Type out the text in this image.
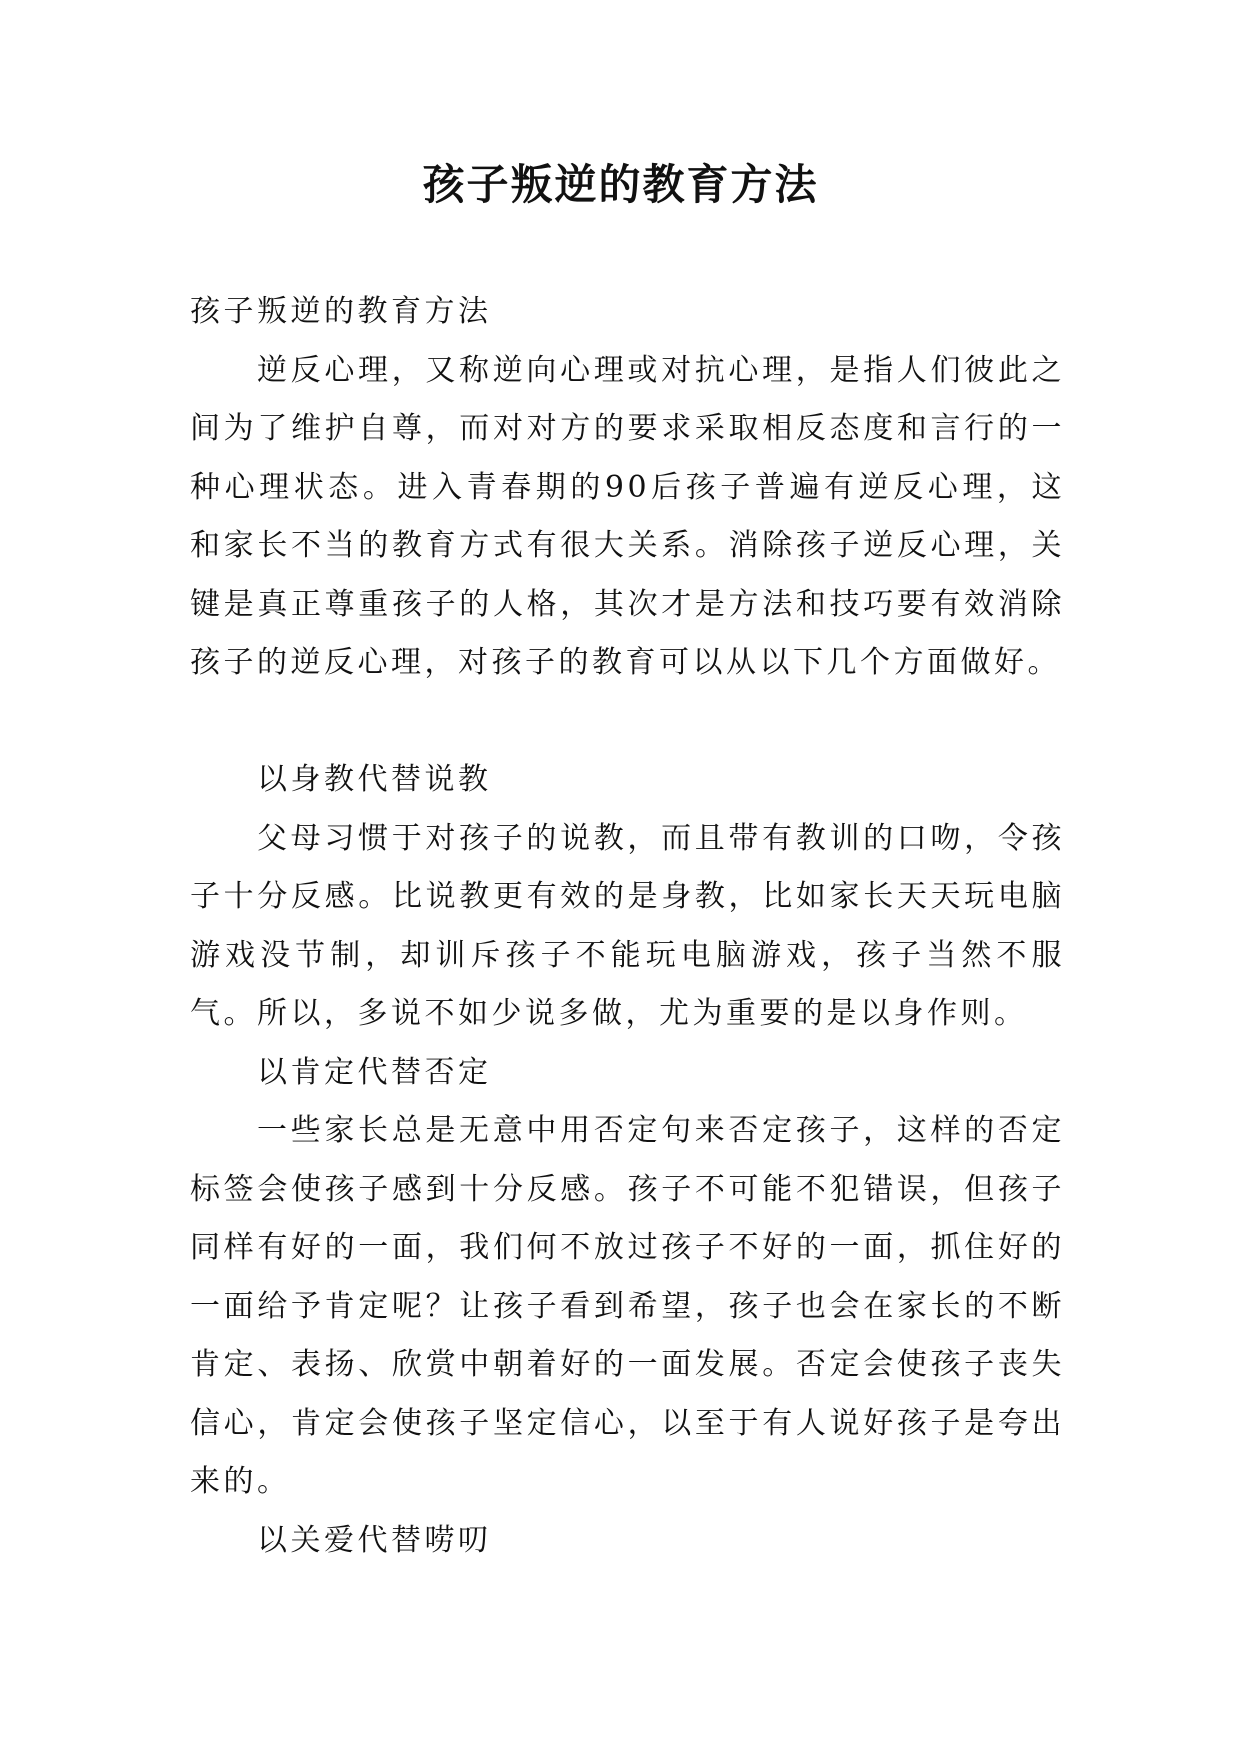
孩子叛逆的教育方法

孩子叛逆的教育方法

逆反心理，又称逆向心理或对抗心理，是指人们彼此之间为了维护自尊，而对对方的要求采取相反态度和言行的一种心理状态。进入青春期的90后孩子普遍有逆反心理，这和家长不当的教育方式有很大关系。消除孩子逆反心理，关键是真正尊重孩子的人格，其次才是方法和技巧要有效消除孩子的逆反心理，对孩子的教育可以从以下几个方面做好。

以身教代替说教

父母习惯于对孩子的说教，而且带有教训的口吻，令孩子十分反感。比说教更有效的是身教，比如家长天天玩电脑游戏没节制，却训斥孩子不能玩电脑游戏，孩子当然不服气。所以，多说不如少说多做，尤为重要的是以身作则。

以肯定代替否定

一些家长总是无意中用否定句来否定孩子，这样的否定标签会使孩子感到十分反感。孩子不可能不犯错误，但孩子同样有好的一面，我们何不放过孩子不好的一面，抓住好的一面给予肯定呢？让孩子看到希望，孩子也会在家长的不断肯定、表扬、欣赏中朝着好的一面发展。否定会使孩子丧失信心，肯定会使孩子坚定信心，以至于有人说好孩子是夸出来的。

以关爱代替唠叨
